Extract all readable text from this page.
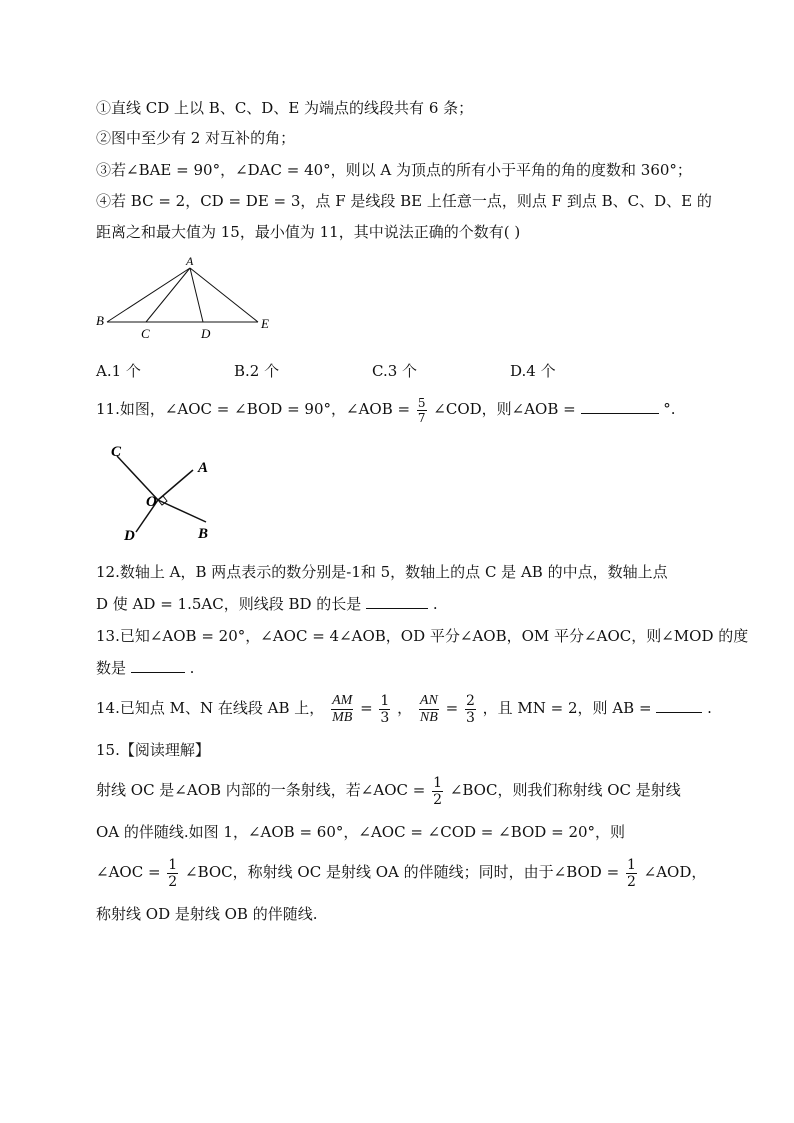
①直线 CD 上以 B、C、D、E 为端点的线段共有 6 条；
②图中至少有 2 对互补的角；
③若∠BAE = 90°，∠DAC = 40°，则以 A 为顶点的所有小于平角的角的度数和 360°；
④若 BC = 2，CD = DE = 3，点 F 是线段 BE 上任意一点，则点 F 到点 B、C、D、E 的
距离之和最大值为 15，最小值为 11，其中说法正确的个数有( )
A
B
C	D
E
A.1 个	B.2 个	C.3 个	D.4 个
11.如图，∠AOC = ∠BOD = 90°，∠AOB = $\frac{5}{7}$ ∠COD，则∠AOB =	°.
C
A
O
D	B
12.数轴上 A，B 两点表示的数分别是-1和 5，数轴上的点 C 是 AB 的中点，数轴上点
D 使 AD = 1.5AC，则线段 BD 的长是	.
13.已知∠AOB = 20°，∠AOC = 4∠AOB，OD 平分∠AOB，OM 平分∠AOC，则∠MOD 的度
数是	.
14.已知点 M、N 在线段 AB 上， $\frac{AM}{MB} = \frac{1}{3}$ ， $\frac{AN}{NB} = \frac{2}{3}$ ，且 MN = 2，则 AB =	.
15.【阅读理解】
射线 OC 是∠AOB 内部的一条射线，若∠AOC = $\frac{1}{2}$ ∠BOC，则我们称射线 OC 是射线
OA 的伴随线.如图 1，∠AOB = 60°，∠AOC = ∠COD = ∠BOD = 20°，则
∠AOC = $\frac{1}{2}$ ∠BOC，称射线 OC 是射线 OA 的伴随线；同时，由于∠BOD = $\frac{1}{2}$ ∠AOD，
称射线 OD 是射线 OB 的伴随线.
